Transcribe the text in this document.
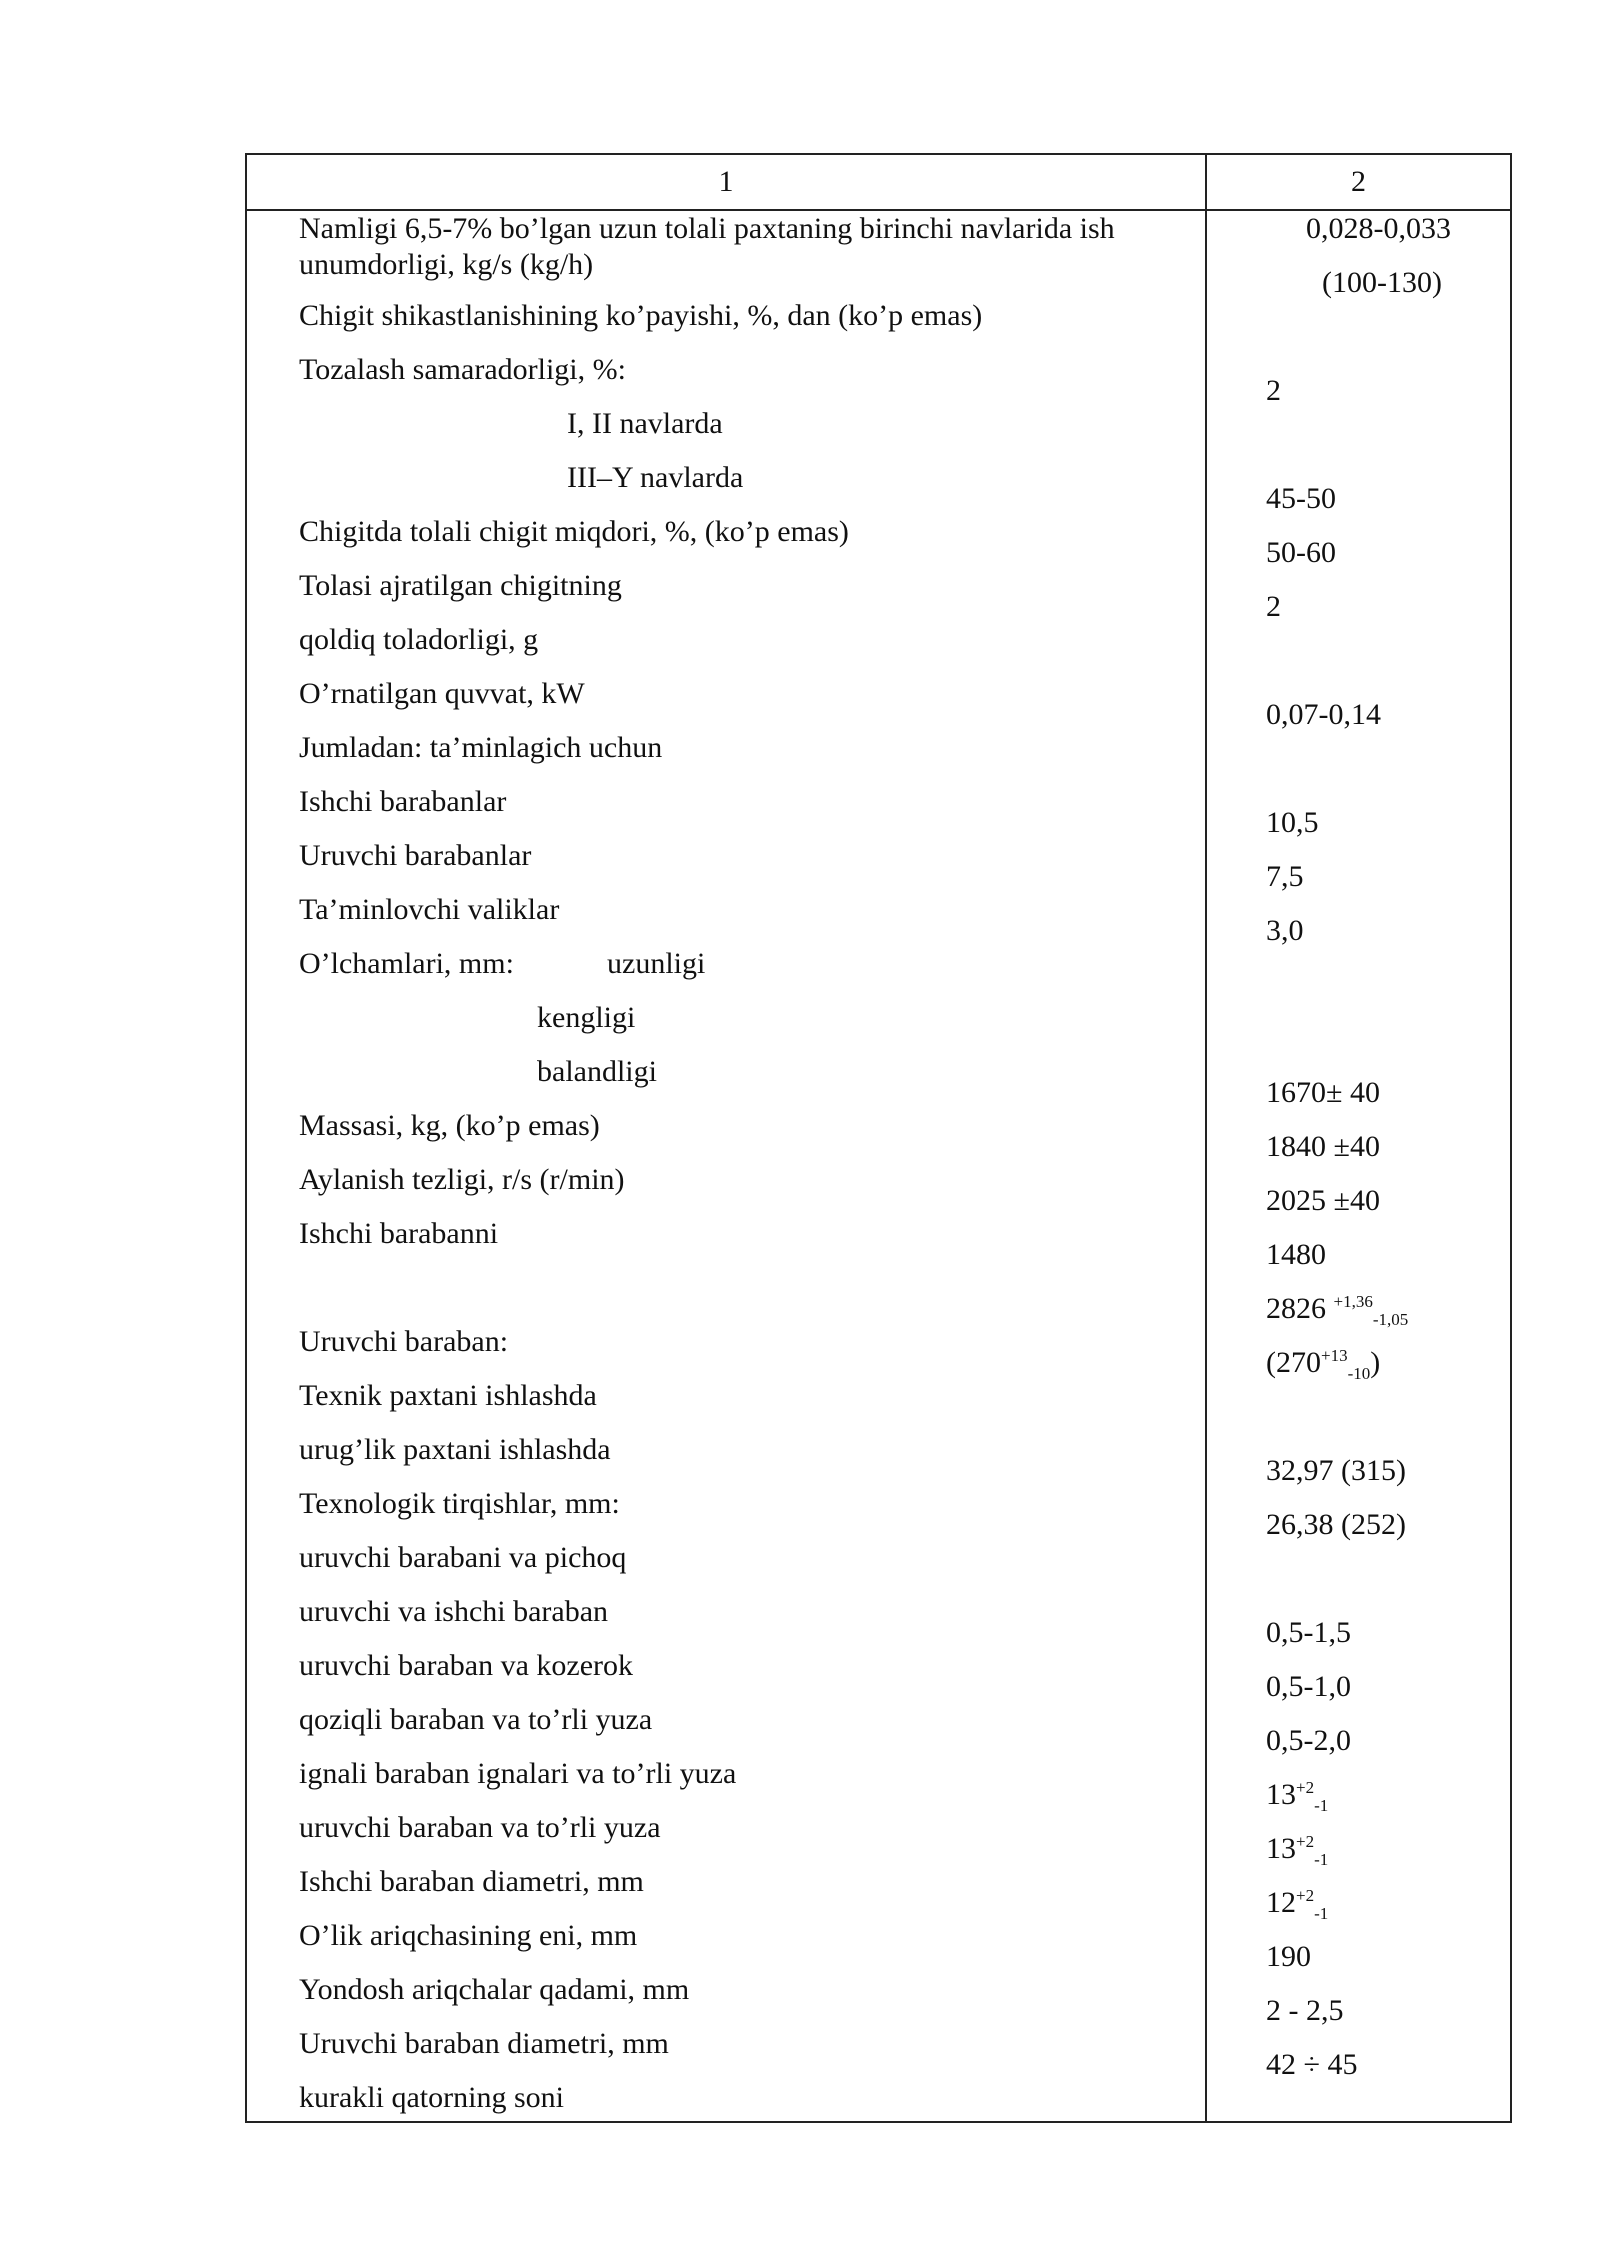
1	2
Namligi 6,5-7% bo’lgan uzun tolali paxtaning birinchi navlarida ish unumdorligi, kg/s (kg/h)
Chigit shikastlanishining ko’payishi, %, dan (ko’p emas)
Tozalash samaradorligi, %:
I, II navlarda
III–Y navlarda
Chigitda tolali chigit miqdori, %, (ko’p emas)
Tolasi ajratilgan chigitning
qoldiq toladorligi, g
O’rnatilgan quvvat, kW
Jumladan: ta’minlagich uchun
Ishchi barabanlar
Uruvchi barabanlar
Ta’minlovchi valiklar
O’lchamlari, mm:	uzunligi
kengligi
balandligi
Massasi, kg, (ko’p emas)
Aylanish tezligi, r/s (r/min)
Ishchi barabanni
Uruvchi baraban:
Texnik paxtani ishlashda
urug’lik paxtani ishlashda
Texnologik tirqishlar, mm:
uruvchi barabani va pichoq
uruvchi va ishchi baraban
uruvchi baraban va kozerok
qoziqli baraban va to’rli yuza
ignali baraban ignalari va to’rli yuza
uruvchi baraban va to’rli yuza
Ishchi baraban diametri, mm
O’lik ariqchasining eni, mm
Yondosh ariqchalar qadami, mm
Uruvchi baraban diametri, mm
kurakli qatorning soni
0,028-0,033
(100-130)
2
45-50
50-60
2
0,07-0,14
10,5
7,5
3,0
1670± 40
1840 ±40
2025 ±40
1480
2826 $^{+1,36}_{-1,05}$
$(270^{+13}_{-10})$
32,97 (315)
26,38 (252)
0,5-1,5
0,5-1,0
0,5-2,0
$13^{+2}_{-1}$
$13^{+2}_{-1}$
$12^{+2}_{-1}$
190
2 - 2,5
42 ÷ 45
